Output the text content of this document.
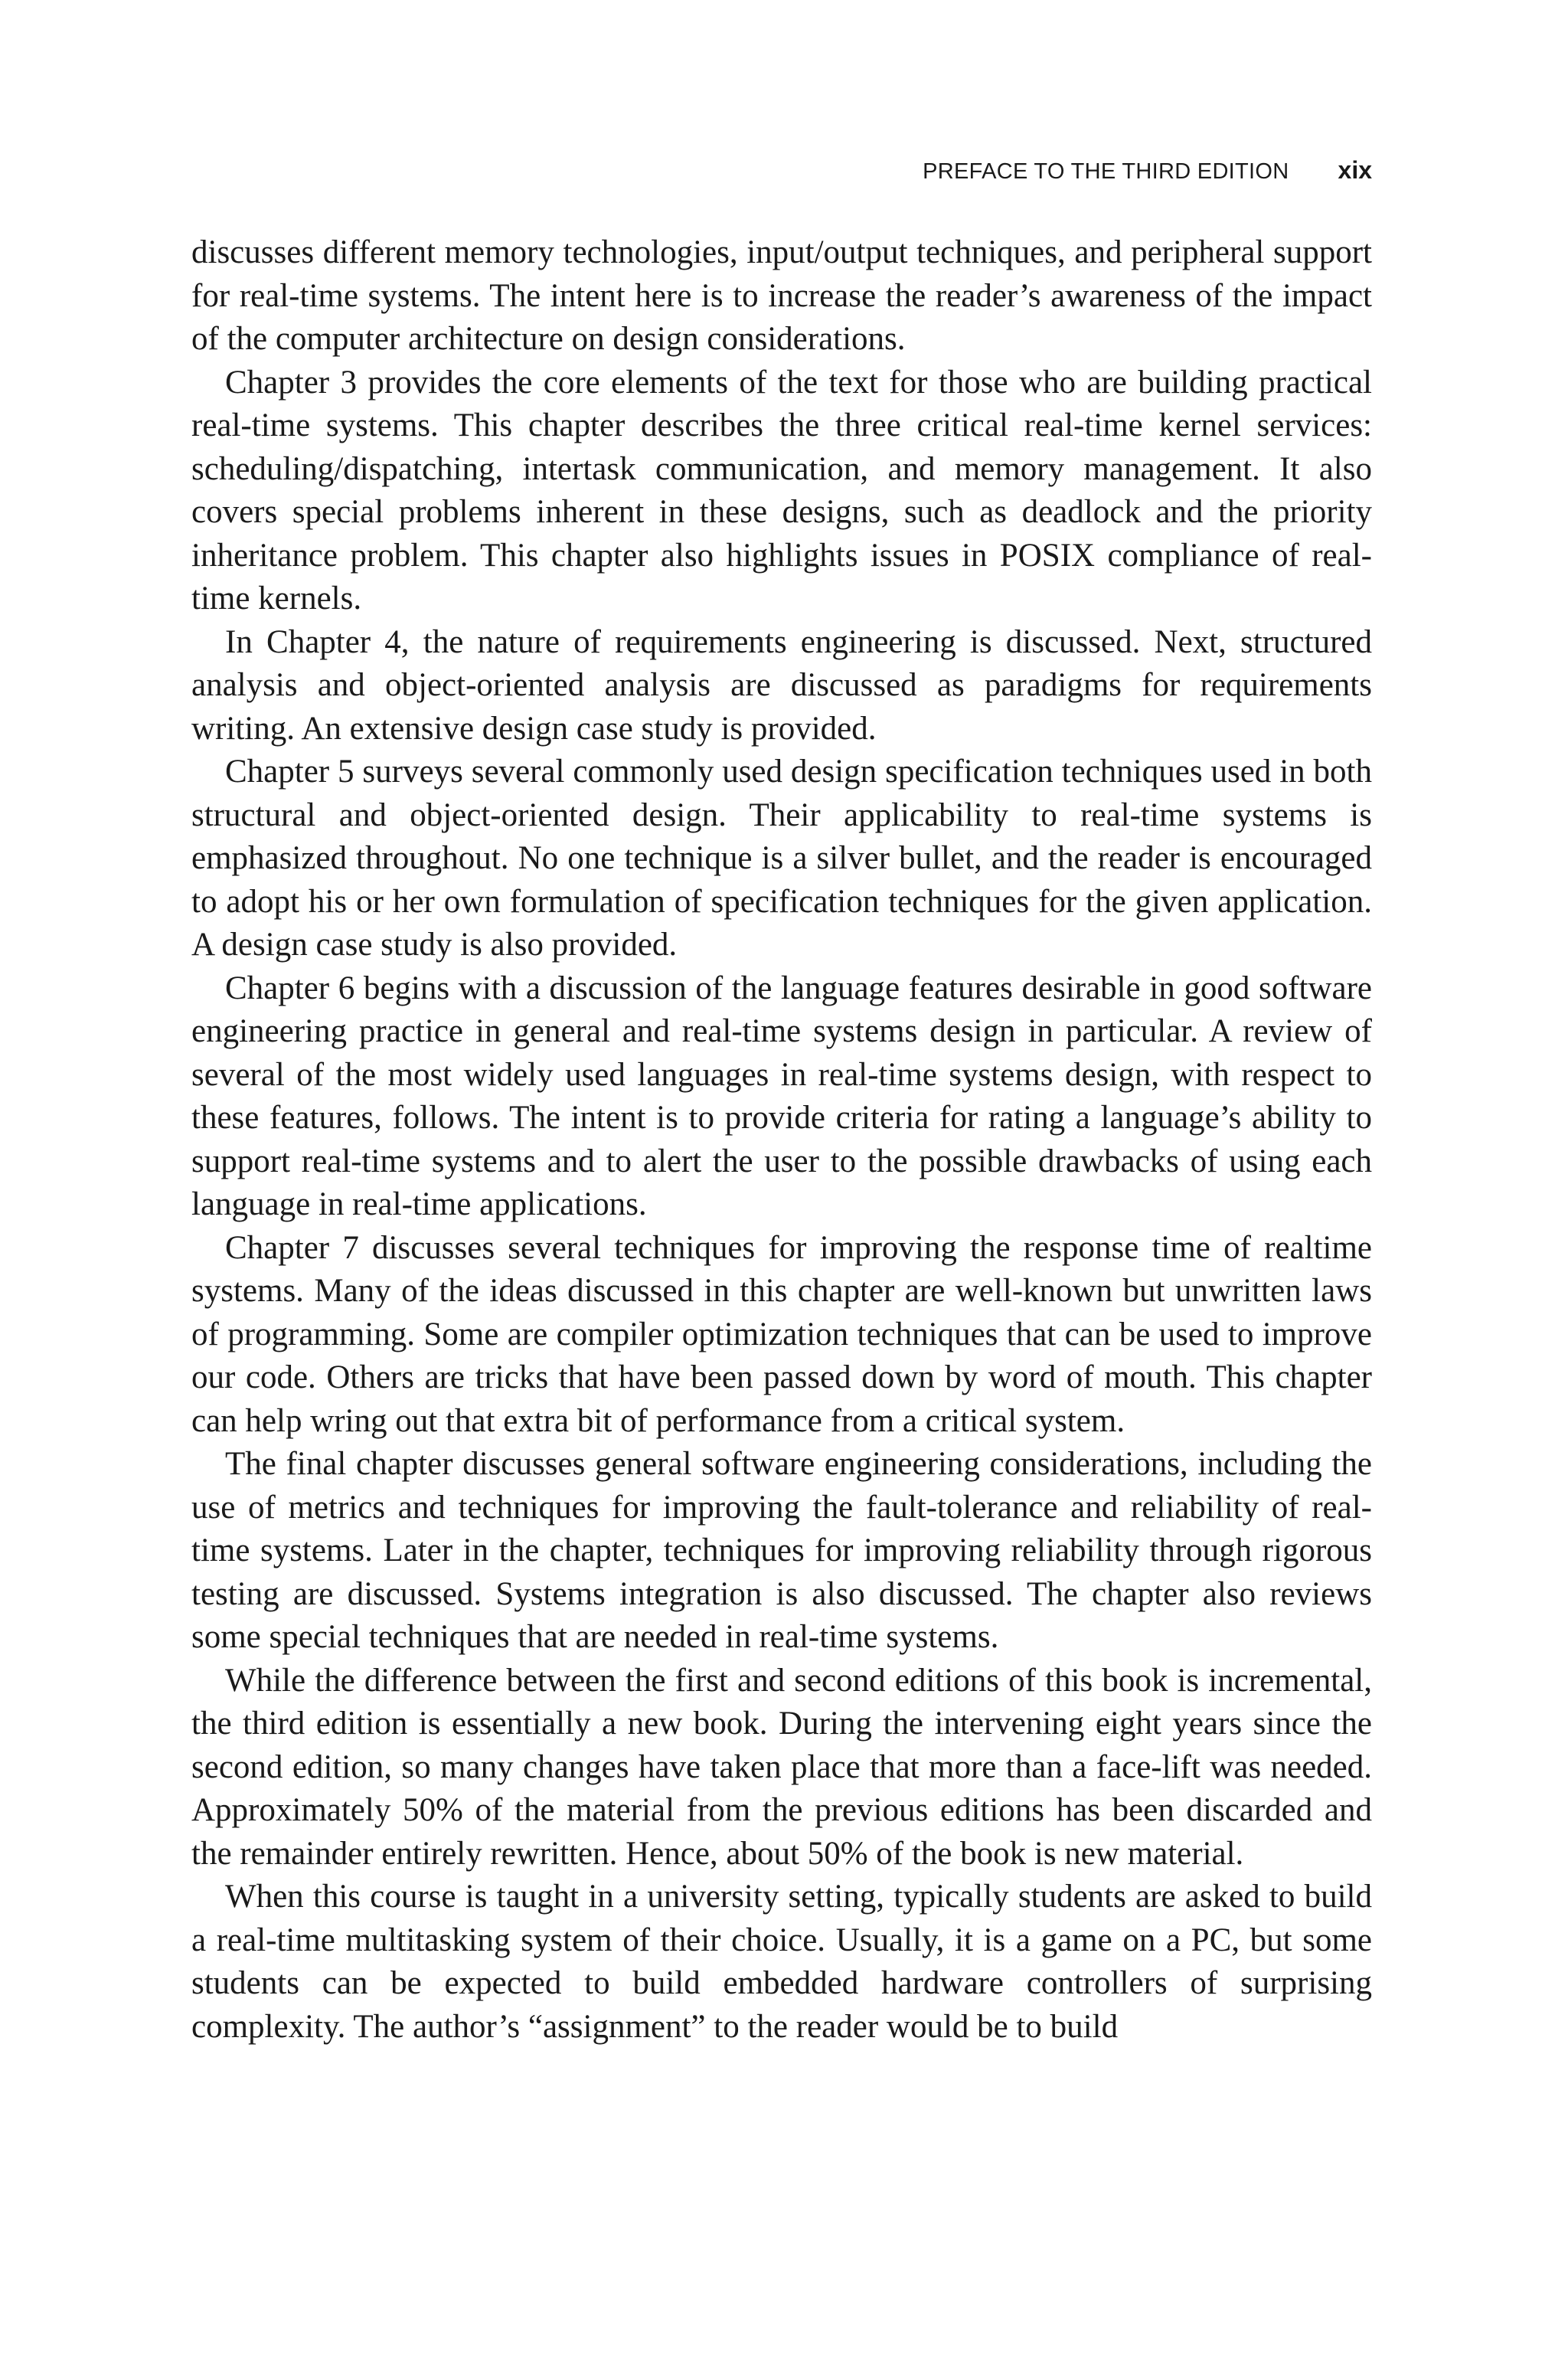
PREFACE TO THE THIRD EDITION xix

discusses different memory technologies, input/output techniques, and peripheral support for real-time systems. The intent here is to increase the reader’s awareness of the impact of the computer architecture on design considerations.

Chapter 3 provides the core elements of the text for those who are building practical real-time systems. This chapter describes the three critical real-time kernel services: scheduling/dispatching, intertask communication, and memory management. It also covers special problems inherent in these designs, such as deadlock and the priority inheritance problem. This chapter also highlights issues in POSIX compliance of real-time kernels.

In Chapter 4, the nature of requirements engineering is discussed. Next, structured analysis and object-oriented analysis are discussed as paradigms for requirements writing. An extensive design case study is provided.

Chapter 5 surveys several commonly used design specification techniques used in both structural and object-oriented design. Their applicability to real-time systems is emphasized throughout. No one technique is a silver bullet, and the reader is encouraged to adopt his or her own formulation of specification techniques for the given application. A design case study is also provided.

Chapter 6 begins with a discussion of the language features desirable in good software engineering practice in general and real-time systems design in particular. A review of several of the most widely used languages in real-time systems design, with respect to these features, follows. The intent is to provide criteria for rating a language’s ability to support real-time systems and to alert the user to the possible drawbacks of using each language in real-time applications.

Chapter 7 discusses several techniques for improving the response time of realtime systems. Many of the ideas discussed in this chapter are well-known but unwritten laws of programming. Some are compiler optimization techniques that can be used to improve our code. Others are tricks that have been passed down by word of mouth. This chapter can help wring out that extra bit of performance from a critical system.

The final chapter discusses general software engineering considerations, including the use of metrics and techniques for improving the fault-tolerance and reliability of real-time systems. Later in the chapter, techniques for improving reliability through rigorous testing are discussed. Systems integration is also discussed. The chapter also reviews some special techniques that are needed in real-time systems.

While the difference between the first and second editions of this book is incremental, the third edition is essentially a new book. During the intervening eight years since the second edition, so many changes have taken place that more than a face-lift was needed. Approximately 50% of the material from the previous editions has been discarded and the remainder entirely rewritten. Hence, about 50% of the book is new material.

When this course is taught in a university setting, typically students are asked to build a real-time multitasking system of their choice. Usually, it is a game on a PC, but some students can be expected to build embedded hardware controllers of surprising complexity. The author’s “assignment” to the reader would be to build
